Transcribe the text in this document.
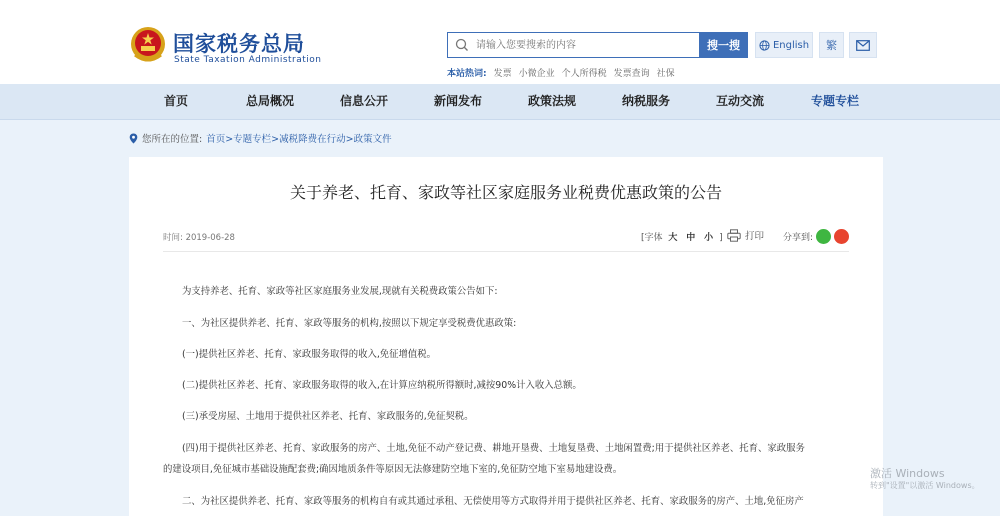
国家税务总局
State Taxation Administration
请输入您要搜索的内容
搜一搜	English	繁
本站热词: 发票 小微企业 个人所得税 发票查询 社保
首页	总局概况	信息公开	新闻发布	政策法规	纳税服务	互动交流	专题专栏
您所在的位置: 首页>专题专栏>减税降费在行动>政策文件
关于养老、托育、家政等社区家庭服务业税费优惠政策的公告
时间: 2019-06-28	[字体 大 中 小 ] 打印 分享到:
为支持养老、托育、家政等社区家庭服务业发展,现就有关税费政策公告如下:
一、为社区提供养老、托育、家政等服务的机构,按照以下规定享受税费优惠政策:
(一)提供社区养老、托育、家政服务取得的收入,免征增值税。
(二)提供社区养老、托育、家政服务取得的收入,在计算应纳税所得额时,减按90%计入收入总额。
(三)承受房屋、土地用于提供社区养老、托育、家政服务的,免征契税。
(四)用于提供社区养老、托育、家政服务的房产、土地,免征不动产登记费、耕地开垦费、土地复垦费、土地闲置费;用于提供社区养老、托育、家政服务
的建设项目,免征城市基础设施配套费;确因地质条件等原因无法修建防空地下室的,免征防空地下室易地建设费。
二、为社区提供养老、托育、家政等服务的机构自有或其通过承租、无偿使用等方式取得并用于提供社区养老、托育、家政服务的房产、土地,免征房产
激活 Windows
转到"设置"以激活 Windows。
